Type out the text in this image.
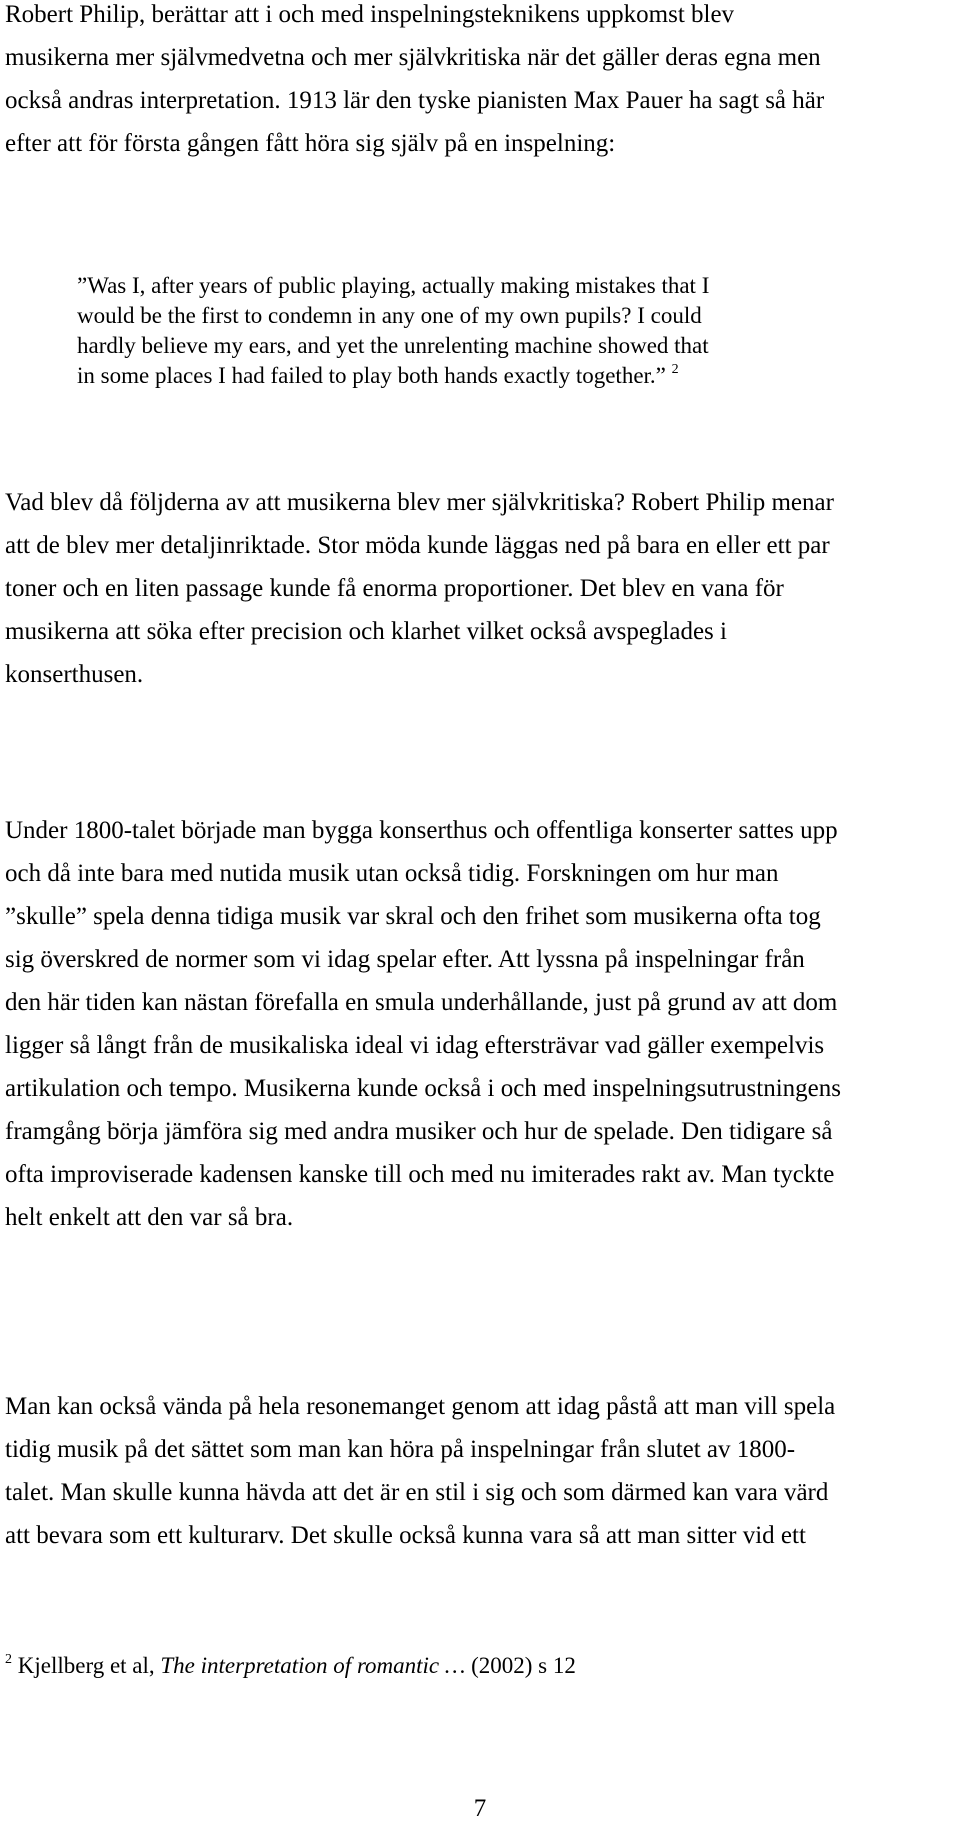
Robert Philip, berättar att i och med inspelningsteknikens uppkomst blev
musikerna mer självmedvetna och mer självkritiska när det gäller deras egna men
också andras interpretation. 1913 lär den tyske pianisten Max Pauer ha sagt så här
efter att för första gången fått höra sig själv på en inspelning:
”Was I, after years of public playing, actually making mistakes that I
would be the first to condemn in any one of my own pupils? I could
hardly believe my ears, and yet the unrelenting machine showed that
in some places I had failed to play both hands exactly together.” $^2$
Vad blev då följderna av att musikerna blev mer självkritiska? Robert Philip menar
att de blev mer detaljinriktade. Stor möda kunde läggas ned på bara en eller ett par
toner och en liten passage kunde få enorma proportioner. Det blev en vana för
musikerna att söka efter precision och klarhet vilket också avspeglades i
konserthusen.
Under 1800-talet började man bygga konserthus och offentliga konserter sattes upp
och då inte bara med nutida musik utan också tidig. Forskningen om hur man
”skulle” spela denna tidiga musik var skral och den frihet som musikerna ofta tog
sig överskred de normer som vi idag spelar efter. Att lyssna på inspelningar från
den här tiden kan nästan förefalla en smula underhållande, just på grund av att dom
ligger så långt från de musikaliska ideal vi idag eftersträvar vad gäller exempelvis
artikulation och tempo. Musikerna kunde också i och med inspelningsutrustningens
framgång börja jämföra sig med andra musiker och hur de spelade. Den tidigare så
ofta improviserade kadensen kanske till och med nu imiterades rakt av. Man tyckte
helt enkelt att den var så bra.
Man kan också vända på hela resonemanget genom att idag påstå att man vill spela
tidig musik på det sättet som man kan höra på inspelningar från slutet av 1800-
talet. Man skulle kunna hävda att det är en stil i sig och som därmed kan vara värd
att bevara som ett kulturarv. Det skulle också kunna vara så att man sitter vid ett
$^2$ Kjellberg et al, The interpretation of romantic … (2002) s 12
7
